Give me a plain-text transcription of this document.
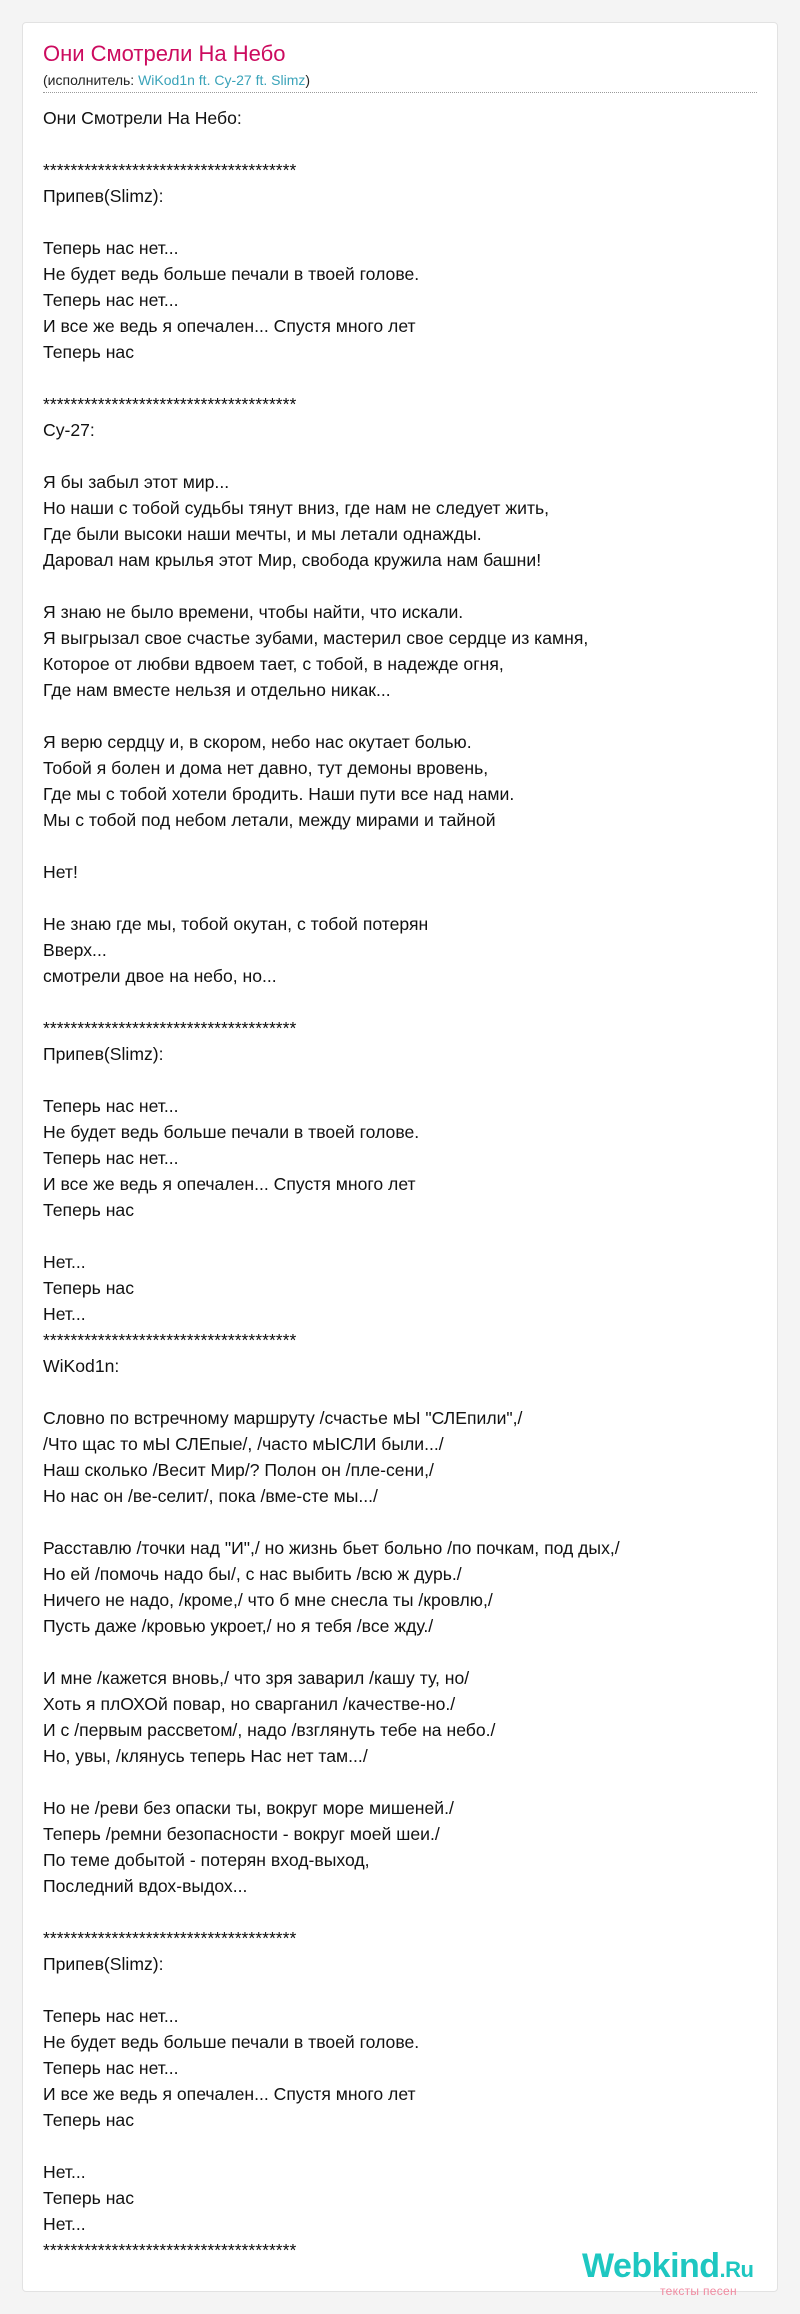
Они Смотрели На Небо
(исполнитель: WiKod1n ft. Су-27 ft. Slimz)
Они Смотрели На Небо:

*************************************
Припев(Slimz):

Теперь нас нет...
Не будет ведь больше печали в твоей голове.
Теперь нас нет...
И все же ведь я опечален... Спустя много лет
Теперь нас

*************************************
Су-27:

Я бы забыл этот мир...
Но наши с тобой судьбы тянут вниз, где нам не следует жить,
Где были высоки наши мечты, и мы летали однажды.
Даровал нам крылья этот Мир, свобода кружила нам башни!

Я знаю не было времени, чтобы найти, что искали.
Я выгрызал свое счастье зубами, мастерил свое сердце из камня,
Которое от любви вдвоем тает, с тобой, в надежде огня,
Где нам вместе нельзя и отдельно никак...

Я верю сердцу и, в скором, небо нас окутает болью.
Тобой я болен и дома нет давно, тут демоны вровень,
Где мы с тобой хотели бродить. Наши пути все над нами.
Мы с тобой под небом летали, между мирами и тайной

Нет!

Не знаю где мы, тобой окутан, с тобой потерян
Вверх...
смотрели двое на небо, но...

*************************************
Припев(Slimz):

Теперь нас нет...
Не будет ведь больше печали в твоей голове.
Теперь нас нет...
И все же ведь я опечален... Спустя много лет
Теперь нас

Нет...
Теперь нас
Нет...
*************************************
WiKod1n:

Словно по встречному маршруту /счастье мЫ "СЛЕпили",/
/Что щас то мЫ СЛЕпые/, /часто мЫСЛИ были.../
Наш сколько /Весит Мир/? Полон он /пле-сени,/
Но нас он /ве-селит/, пока /вме-сте мы.../

Расставлю /точки над "И",/ но жизнь бьет больно /по почкам, под дых,/
Но ей /помочь надо бы/, с нас выбить /всю ж дурь./
Ничего не надо, /кроме,/ что б мне снесла ты /кровлю,/
Пусть даже /кровью укроет,/ но я тебя /все жду./

И мне /кажется вновь,/ что зря заварил /кашу ту, но/
Хоть я плОХОй повар, но сварганил /качестве-но./
И с /первым рассветом/, надо /взглянуть тебе на небо./
Но, увы, /клянусь теперь Нас нет там.../

Но не /реви без опаски ты, вокруг море мишеней./
Теперь /ремни безопасности - вокруг моей шеи./
По теме добытой - потерян вход-выход,
Последний вдох-выдох...

*************************************
Припев(Slimz):

Теперь нас нет...
Не будет ведь больше печали в твоей голове.
Теперь нас нет...
И все же ведь я опечален... Спустя много лет
Теперь нас

Нет...
Теперь нас
Нет...
*************************************	Webkind.Ru
тексты песен
